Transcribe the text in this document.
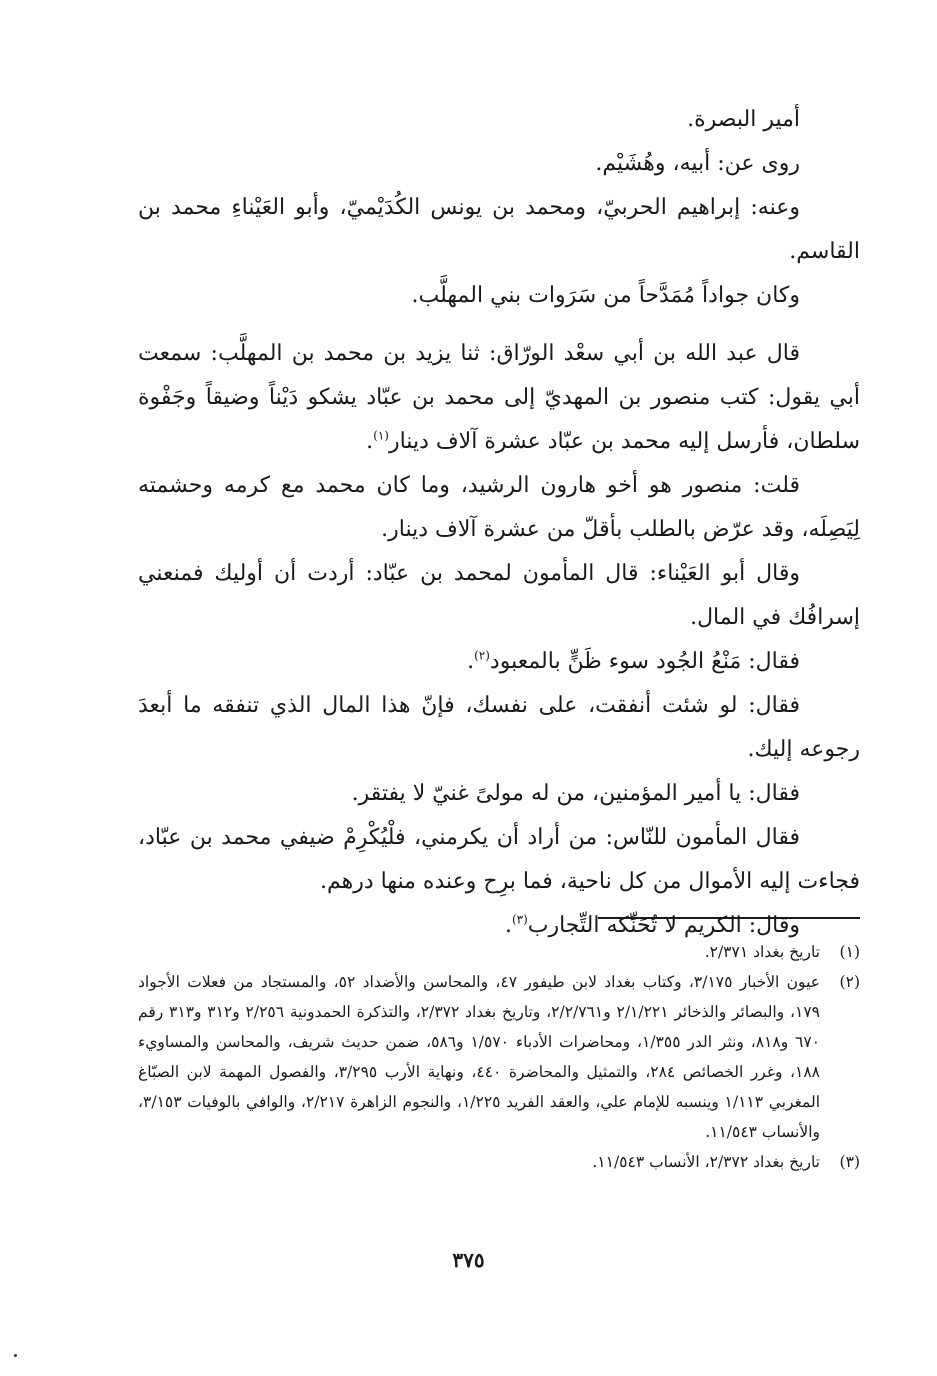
أمير البصرة.

روى عن: أبيه، وهُشَيْم.

وعنه: إبراهيم الحربيّ، ومحمد بن يونس الكُدَيْميّ، وأبو العَيْناءِ محمد بن القاسم.

وكان جواداً مُمَدَّحاً من سَرَوات بني المهلَّب.

قال عبد الله بن أبي سعْد الورّاق: ثنا يزيد بن محمد بن المهلَّب: سمعت أبي يقول: كتب منصور بن المهديّ إلى محمد بن عبّاد يشكو دَيْناً وضيقاً وجَفْوة سلطان، فأرسل إليه محمد بن عبّاد عشرة آلاف دينار$^{(١)}$.

قلت: منصور هو أخو هارون الرشيد، وما كان محمد مع كرمه وحشمته لِيَصِلَه، وقد عرّض بالطلب بأقلّ من عشرة آلاف دينار.

وقال أبو العَيْناء: قال المأمون لمحمد بن عبّاد: أردت أن أوليك فمنعني إسرافُك في المال.

فقال: مَنْعُ الجُود سوء ظَنٍّ بالمعبود$^{(٢)}$.

فقال: لو شئت أنفقت، على نفسك، فإنّ هذا المال الذي تنفقه ما أبعدَ رجوعه إليك.

فقال: يا أمير المؤمنين، من له مولىً غنيّ لا يفتقر.

فقال المأمون للنّاس: من أراد أن يكرمني، فلْيُكْرِمْ ضيفي محمد بن عبّاد، فجاءت إليه الأموال من كل ناحية، فما برِح وعنده منها درهم.

وقال: الكريم لا تُحَنِّكه التِّجارب$^{(٣)}$.

(١)
تاريخ بغداد ٢/٣٧١.
(٢)
عيون الأخبار ٣/١٧٥، وكتاب بغداد لابن طيفور ٤٧، والمحاسن والأضداد ٥٢، والمستجاد من فعلات الأجواد ١٧٩، والبصائر والذخائر ٢/١/٢٢١ و٢/٢/٧٦١، وتاريخ بغداد ٢/٣٧٢، والتذكرة الحمدونية ٢/٢٥٦ و٣١٢ و٣١٣ رقم ٦٧٠ و٨١٨، ونثر الدر ١/٣٥٥، ومحاضرات الأدباء ١/٥٧٠ و٥٨٦، ضمن حديث شريف، والمحاسن والمساويء ١٨٨، وغرر الخصائص ٢٨٤، والتمثيل والمحاضرة ٤٤٠، ونهاية الأرب ٣/٢٩٥، والفصول المهمة لابن الصبّاغ المغربي ١/١١٣ وينسبه للإمام علي، والعقد الفريد ١/٢٢٥، والنجوم الزاهرة ٢/٢١٧، والوافي بالوفيات ٣/١٥٣، والأنساب ١١/٥٤٣.
(٣)
تاريخ بغداد ٢/٣٧٢، الأنساب ١١/٥٤٣.
٣٧٥
